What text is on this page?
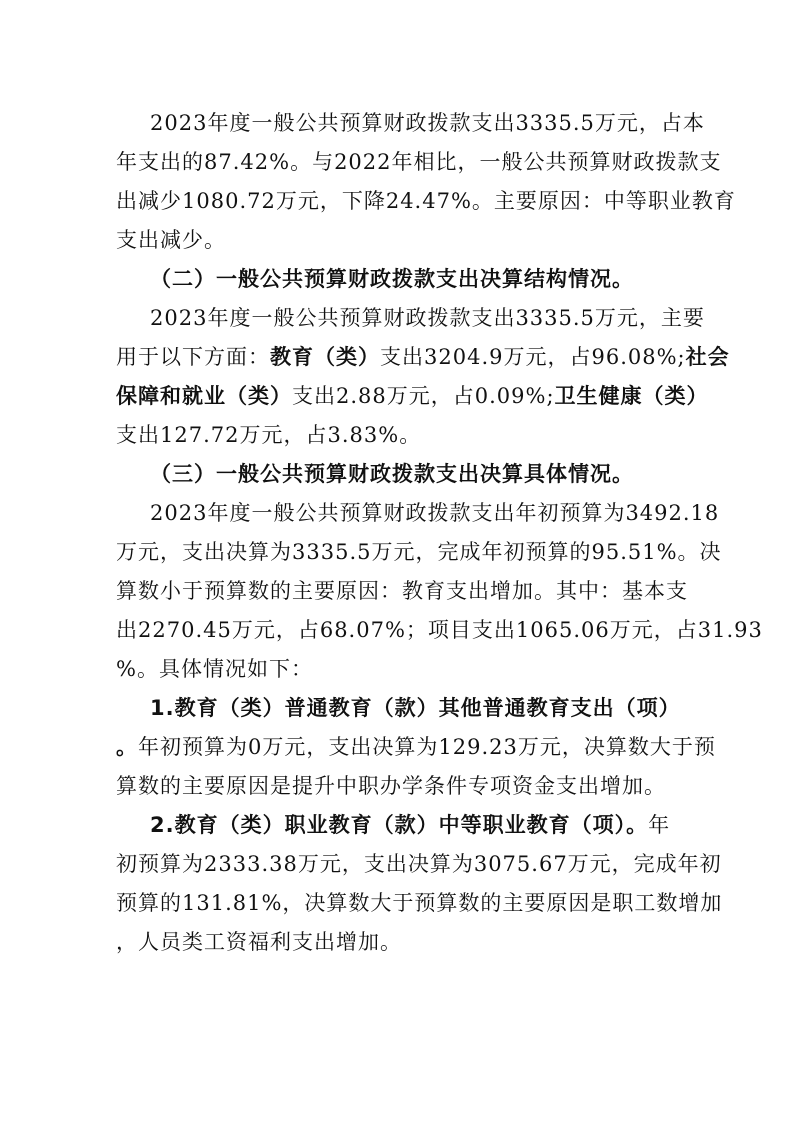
2023年度一般公共预算财政拨款支出3335.5万元，占本
年支出的87.42%。与2022年相比，一般公共预算财政拨款支
出减少1080.72万元，下降24.47%。主要原因：中等职业教育
支出减少。
（二）一般公共预算财政拨款支出决算结构情况。
2023年度一般公共预算财政拨款支出3335.5万元，主要
用于以下方面：教育（类）支出3204.9万元，占96.08%;社会
保障和就业（类）支出2.88万元，占0.09%;卫生健康（类）
支出127.72万元，占3.83%。
（三）一般公共预算财政拨款支出决算具体情况。
2023年度一般公共预算财政拨款支出年初预算为3492.18
万元，支出决算为3335.5万元，完成年初预算的95.51%。决
算数小于预算数的主要原因：教育支出增加。其中：基本支
出2270.45万元，占68.07%；项目支出1065.06万元，占31.93
%。具体情况如下：
1.教育（类）普通教育（款）其他普通教育支出（项）
。年初预算为0万元，支出决算为129.23万元，决算数大于预
算数的主要原因是提升中职办学条件专项资金支出增加。
2.教育（类）职业教育（款）中等职业教育（项）。年
初预算为2333.38万元，支出决算为3075.67万元，完成年初
预算的131.81%，决算数大于预算数的主要原因是职工数增加
，人员类工资福利支出增加。
